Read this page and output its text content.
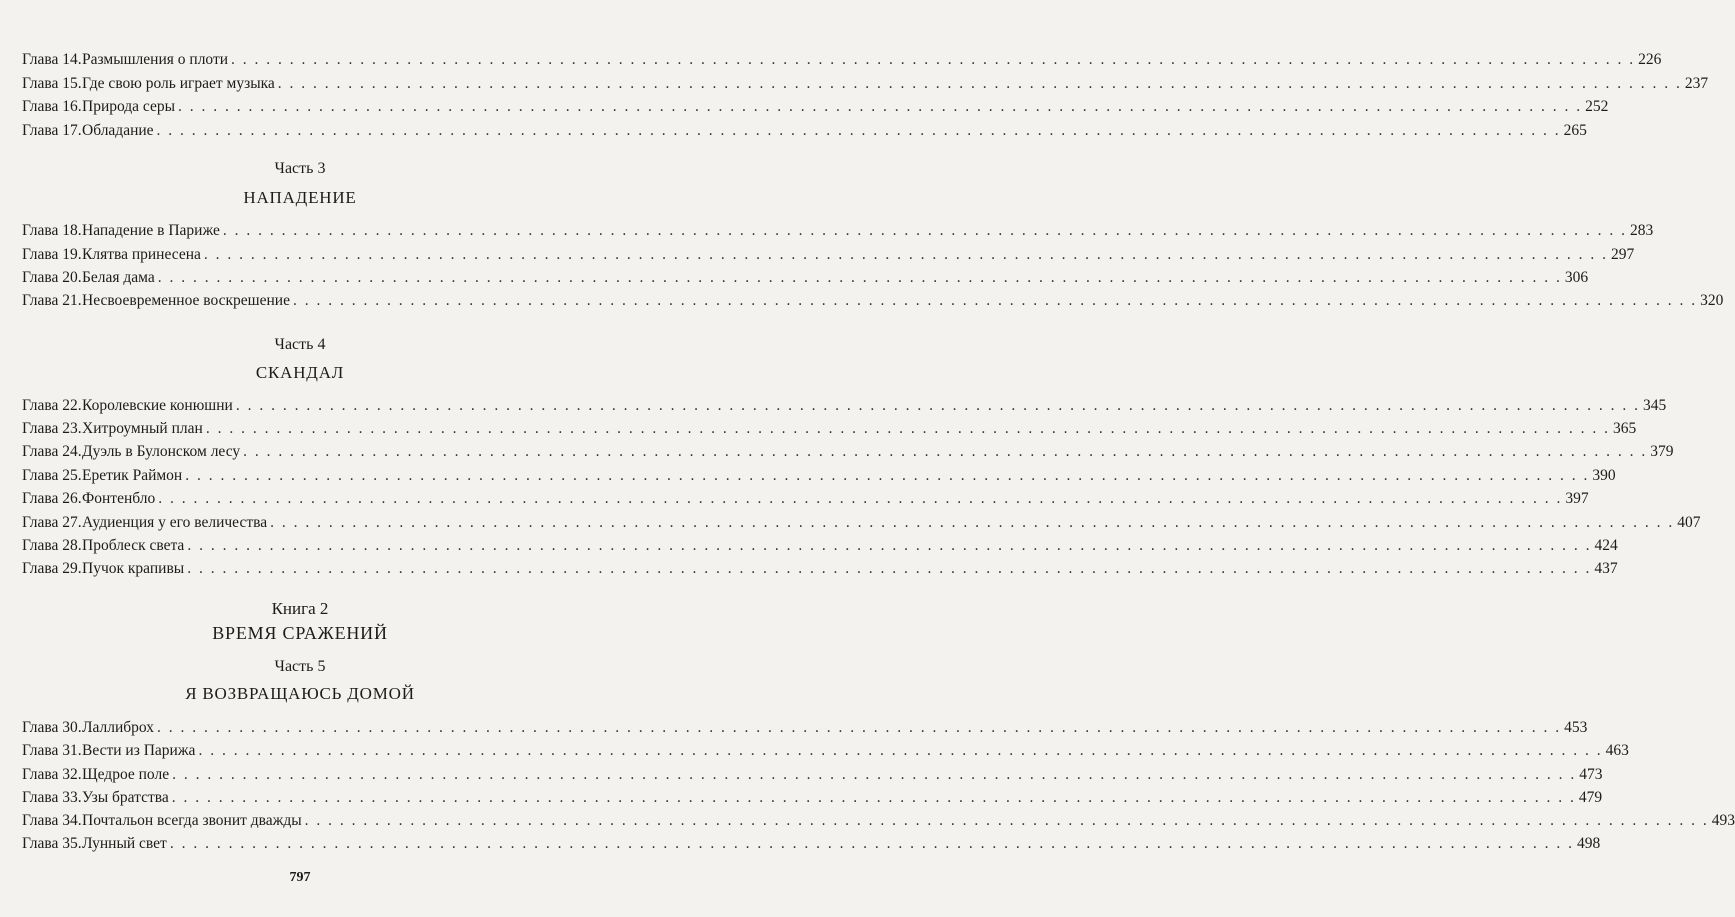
Глава 14. Размышления о плоти . . . . . . . . . . . . . . . . . . . . . . . . . . . . . . . . . . . . . . . . . . . . . . . . . . . . . . . . . . . . . . . . . . . . . . . . . . . . . . . . . . . . . . . . . . . . . . . . . . . . . . . . . . . . . . . . . . . . . . . . 226
Глава 15. Где свою роль играет музыка . . . . . . . . . . . . . . . . . . . . . . . . . . . . . . . . . . . . . . . . . . . . . . . . . . . . . . . . . . . . . . . . . . . . . . . . . . . . . . . . . . . . . . . . . . . . . . . . . . . . . . . . . . . . . . . . . . . . . . . . 237
Глава 16. Природа серы . . . . . . . . . . . . . . . . . . . . . . . . . . . . . . . . . . . . . . . . . . . . . . . . . . . . . . . . . . . . . . . . . . . . . . . . . . . . . . . . . . . . . . . . . . . . . . . . . . . . . . . . . . . . . . . . . . . . . . . . 252
Глава 17. Обладание . . . . . . . . . . . . . . . . . . . . . . . . . . . . . . . . . . . . . . . . . . . . . . . . . . . . . . . . . . . . . . . . . . . . . . . . . . . . . . . . . . . . . . . . . . . . . . . . . . . . . . . . . . . . . . . . . . . . . . . . 265
Часть 3
НАПАДЕНИЕ
Глава 18. Нападение в Париже . . . . . . . . . . . . . . . . . . . . . . . . . . . . . . . . . . . . . . . . . . . . . . . . . . . . . . . . . . . . . . . . . . . . . . . . . . . . . . . . . . . . . . . . . . . . . . . . . . . . . . . . . . . . . . . . . . . . . . . . 283
Глава 19. Клятва принесена . . . . . . . . . . . . . . . . . . . . . . . . . . . . . . . . . . . . . . . . . . . . . . . . . . . . . . . . . . . . . . . . . . . . . . . . . . . . . . . . . . . . . . . . . . . . . . . . . . . . . . . . . . . . . . . . . . . . . . . . 297
Глава 20. Белая дама . . . . . . . . . . . . . . . . . . . . . . . . . . . . . . . . . . . . . . . . . . . . . . . . . . . . . . . . . . . . . . . . . . . . . . . . . . . . . . . . . . . . . . . . . . . . . . . . . . . . . . . . . . . . . . . . . . . . . . . . 306
Глава 21. Несвоевременное воскрешение . . . . . . . . . . . . . . . . . . . . . . . . . . . . . . . . . . . . . . . . . . . . . . . . . . . . . . . . . . . . . . . . . . . . . . . . . . . . . . . . . . . . . . . . . . . . . . . . . . . . . . . . . . . . . . . . . . . . . . . . 320
Часть 4
СКАНДАЛ
Глава 22. Королевские конюшни . . . . . . . . . . . . . . . . . . . . . . . . . . . . . . . . . . . . . . . . . . . . . . . . . . . . . . . . . . . . . . . . . . . . . . . . . . . . . . . . . . . . . . . . . . . . . . . . . . . . . . . . . . . . . . . . . . . . . . . . 345
Глава 23. Хитроумный план . . . . . . . . . . . . . . . . . . . . . . . . . . . . . . . . . . . . . . . . . . . . . . . . . . . . . . . . . . . . . . . . . . . . . . . . . . . . . . . . . . . . . . . . . . . . . . . . . . . . . . . . . . . . . . . . . . . . . . . . 365
Глава 24. Дуэль в Булонском лесу . . . . . . . . . . . . . . . . . . . . . . . . . . . . . . . . . . . . . . . . . . . . . . . . . . . . . . . . . . . . . . . . . . . . . . . . . . . . . . . . . . . . . . . . . . . . . . . . . . . . . . . . . . . . . . . . . . . . . . . . 379
Глава 25. Еретик Раймон . . . . . . . . . . . . . . . . . . . . . . . . . . . . . . . . . . . . . . . . . . . . . . . . . . . . . . . . . . . . . . . . . . . . . . . . . . . . . . . . . . . . . . . . . . . . . . . . . . . . . . . . . . . . . . . . . . . . . . . . 390
Глава 26. Фонтенбло . . . . . . . . . . . . . . . . . . . . . . . . . . . . . . . . . . . . . . . . . . . . . . . . . . . . . . . . . . . . . . . . . . . . . . . . . . . . . . . . . . . . . . . . . . . . . . . . . . . . . . . . . . . . . . . . . . . . . . . . 397
Глава 27. Аудиенция у его величества . . . . . . . . . . . . . . . . . . . . . . . . . . . . . . . . . . . . . . . . . . . . . . . . . . . . . . . . . . . . . . . . . . . . . . . . . . . . . . . . . . . . . . . . . . . . . . . . . . . . . . . . . . . . . . . . . . . . . . . . 407
Глава 28. Проблеск света . . . . . . . . . . . . . . . . . . . . . . . . . . . . . . . . . . . . . . . . . . . . . . . . . . . . . . . . . . . . . . . . . . . . . . . . . . . . . . . . . . . . . . . . . . . . . . . . . . . . . . . . . . . . . . . . . . . . . . . . 424
Глава 29. Пучок крапивы . . . . . . . . . . . . . . . . . . . . . . . . . . . . . . . . . . . . . . . . . . . . . . . . . . . . . . . . . . . . . . . . . . . . . . . . . . . . . . . . . . . . . . . . . . . . . . . . . . . . . . . . . . . . . . . . . . . . . . . . 437
Книга 2
ВРЕМЯ СРАЖЕНИЙ
Часть 5
Я ВОЗВРАЩАЮСЬ ДОМОЙ
Глава 30. Лаллиброх . . . . . . . . . . . . . . . . . . . . . . . . . . . . . . . . . . . . . . . . . . . . . . . . . . . . . . . . . . . . . . . . . . . . . . . . . . . . . . . . . . . . . . . . . . . . . . . . . . . . . . . . . . . . . . . . . . . . . . . . 453
Глава 31. Вести из Парижа . . . . . . . . . . . . . . . . . . . . . . . . . . . . . . . . . . . . . . . . . . . . . . . . . . . . . . . . . . . . . . . . . . . . . . . . . . . . . . . . . . . . . . . . . . . . . . . . . . . . . . . . . . . . . . . . . . . . . . . . 463
Глава 32. Щедрое поле . . . . . . . . . . . . . . . . . . . . . . . . . . . . . . . . . . . . . . . . . . . . . . . . . . . . . . . . . . . . . . . . . . . . . . . . . . . . . . . . . . . . . . . . . . . . . . . . . . . . . . . . . . . . . . . . . . . . . . . . 473
Глава 33. Узы братства . . . . . . . . . . . . . . . . . . . . . . . . . . . . . . . . . . . . . . . . . . . . . . . . . . . . . . . . . . . . . . . . . . . . . . . . . . . . . . . . . . . . . . . . . . . . . . . . . . . . . . . . . . . . . . . . . . . . . . . . 479
Глава 34. Почтальон всегда звонит дважды . . . . . . . . . . . . . . . . . . . . . . . . . . . . . . . . . . . . . . . . . . . . . . . . . . . . . . . . . . . . . . . . . . . . . . . . . . . . . . . . . . . . . . . . . . . . . . . . . . . . . . . . . . . . . . . . . . . . . . . . 493
Глава 35. Лунный свет . . . . . . . . . . . . . . . . . . . . . . . . . . . . . . . . . . . . . . . . . . . . . . . . . . . . . . . . . . . . . . . . . . . . . . . . . . . . . . . . . . . . . . . . . . . . . . . . . . . . . . . . . . . . . . . . . . . . . . . . 498
797
